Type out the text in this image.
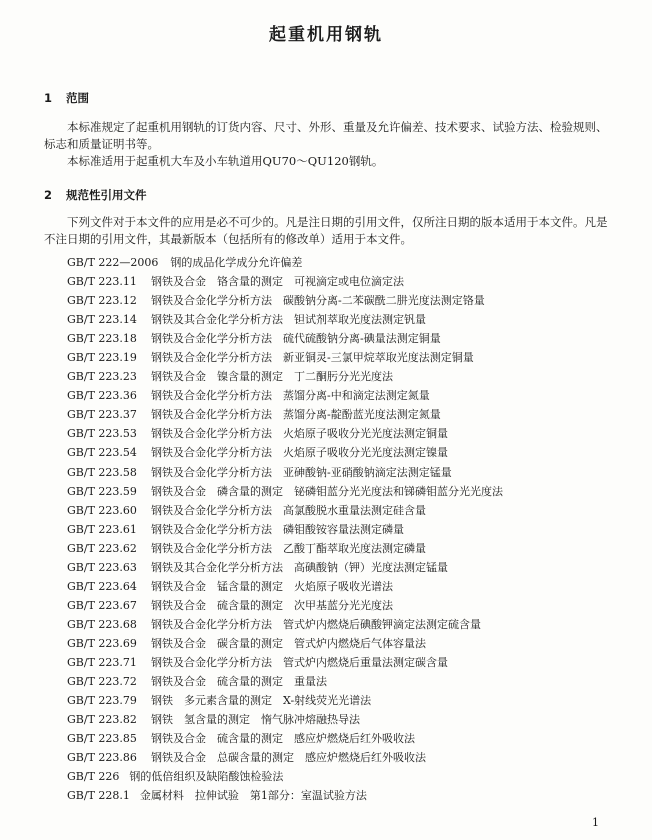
起重机用钢轨
1 范围

本标准规定了起重机用钢轨的订货内容、尺寸、外形、重量及允许偏差、技术要求、试验方法、检验规则、标志和质量证明书等。

本标准适用于起重机大车及小车轨道用QU70～QU120钢轨。

2 规范性引用文件

下列文件对于本文件的应用是必不可少的。凡是注日期的引用文件，仅所注日期的版本适用于本文件。凡是不注日期的引用文件，其最新版本（包括所有的修改单）适用于本文件。

GB/T 222—2006 钢的成品化学成分允许偏差
GB/T 223.11 钢铁及合金　铬含量的测定　可视滴定或电位滴定法
GB/T 223.12 钢铁及合金化学分析方法　碳酸钠分离-二苯碳酰二肼光度法测定铬量
GB/T 223.14 钢铁及其合金化学分析方法　钽试剂萃取光度法测定钒量
GB/T 223.18 钢铁及合金化学分析方法　硫代硫酸钠分离-碘量法测定铜量
GB/T 223.19 钢铁及合金化学分析方法　新亚铜灵-三氯甲烷萃取光度法测定铜量
GB/T 223.23 钢铁及合金　镍含量的测定　丁二酮肟分光光度法
GB/T 223.36 钢铁及合金化学分析方法　蒸馏分离-中和滴定法测定氮量
GB/T 223.37 钢铁及合金化学分析方法　蒸馏分离-靛酚蓝光度法测定氮量
GB/T 223.53 钢铁及合金化学分析方法　火焰原子吸收分光光度法测定铜量
GB/T 223.54 钢铁及合金化学分析方法　火焰原子吸收分光光度法测定镍量
GB/T 223.58 钢铁及合金化学分析方法　亚砷酸钠-亚硝酸钠滴定法测定锰量
GB/T 223.59 钢铁及合金　磷含量的测定　铋磷钼蓝分光光度法和锑磷钼蓝分光光度法
GB/T 223.60 钢铁及合金化学分析方法　高氯酸脱水重量法测定硅含量
GB/T 223.61 钢铁及合金化学分析方法　磷钼酸铵容量法测定磷量
GB/T 223.62 钢铁及合金化学分析方法　乙酸丁酯萃取光度法测定磷量
GB/T 223.63 钢铁及其合金化学分析方法　高碘酸钠（钾）光度法测定锰量
GB/T 223.64 钢铁及合金　锰含量的测定　火焰原子吸收光谱法
GB/T 223.67 钢铁及合金　硫含量的测定　次甲基蓝分光光度法
GB/T 223.68 钢铁及合金化学分析方法　管式炉内燃烧后碘酸钾滴定法测定硫含量
GB/T 223.69 钢铁及合金　碳含量的测定　管式炉内燃烧后气体容量法
GB/T 223.71 钢铁及合金化学分析方法　管式炉内燃烧后重量法测定碳含量
GB/T 223.72 钢铁及合金　硫含量的测定　重量法
GB/T 223.79 钢铁　多元素含量的测定　X-射线荧光光谱法
GB/T 223.82 钢铁　氢含量的测定　惰气脉冲熔融热导法
GB/T 223.85 钢铁及合金　硫含量的测定　感应炉燃烧后红外吸收法
GB/T 223.86 钢铁及合金　总碳含量的测定　感应炉燃烧后红外吸收法
GB/T 226 钢的低倍组织及缺陷酸蚀检验法
GB/T 228.1 金属材料　拉伸试验　第1部分：室温试验方法
1
